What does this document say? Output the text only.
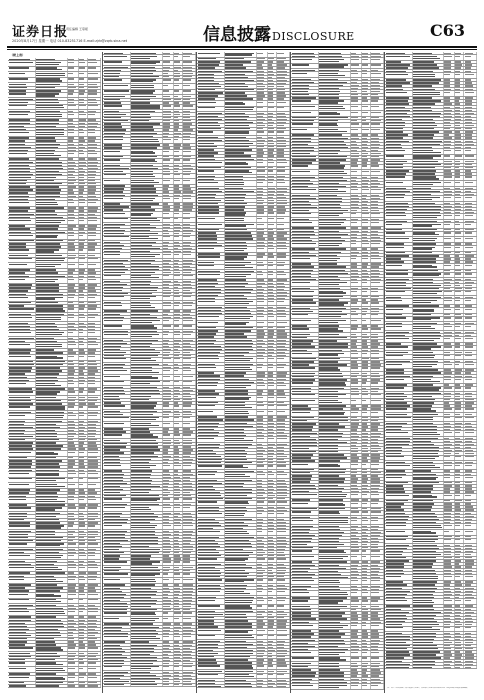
证券日报
责任编辑 王曼妮
2020年8月17日 星期一 电话 010-83251716 E-mail:zjrb@zqrb.sina.net	信息披露DISCLOSURE	C63
（续上表）
注：以上为本次网下发行的配售对象，其余配售对象因未按规定参与初步询价或报价被剔除。
